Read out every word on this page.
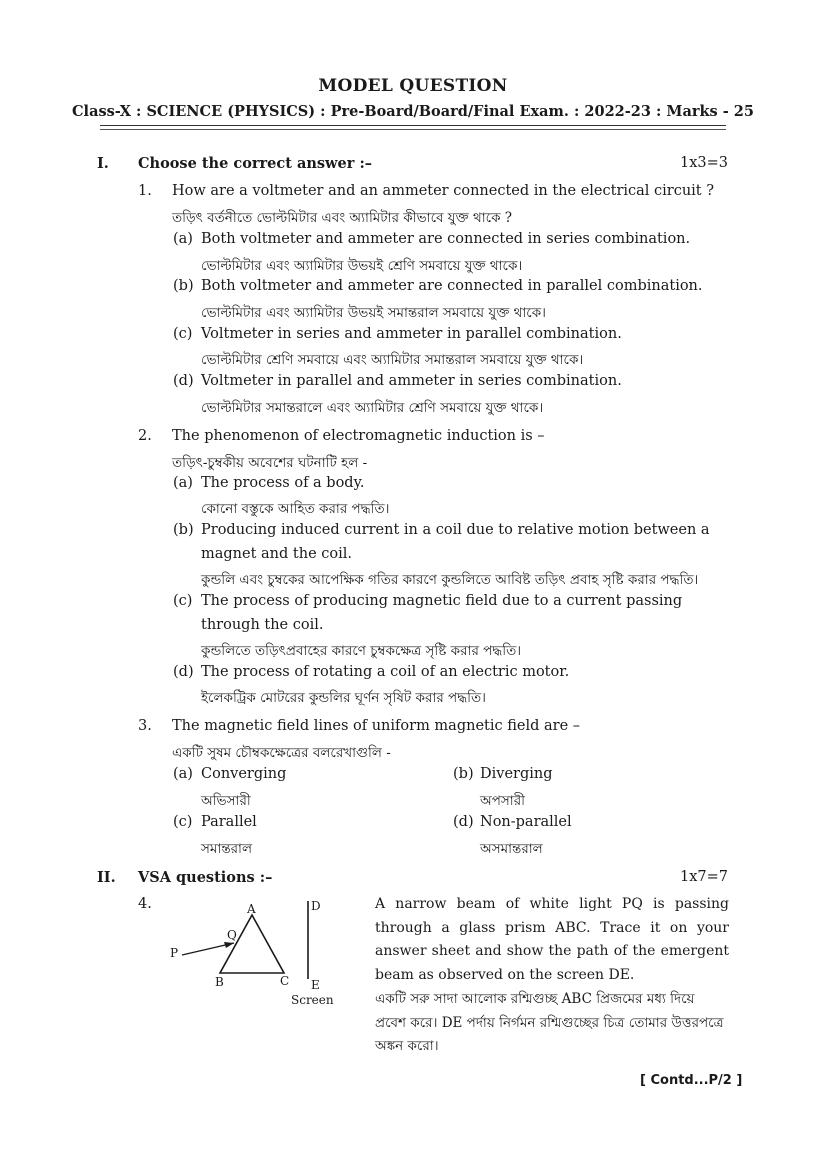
MODEL QUESTION
Class-X : SCIENCE (PHYSICS) : Pre-Board/Board/Final Exam. : 2022-23 : Marks - 25
I. Choose the correct answer :–	1x3=3
1. How are a voltmeter and an ammeter connected in the electrical circuit ?
তড়িৎ বর্তনীতে ভোল্টমিটার এবং অ্যামিটার কীভাবে যুক্ত থাকে ?
(a) Both voltmeter and ammeter are connected in series combination.
ভোল্টমিটার এবং অ্যামিটার উভয়ই শ্রেণি সমবায়ে যুক্ত থাকে।
(b) Both voltmeter and ammeter are connected in parallel combination.
ভোল্টমিটার এবং অ্যামিটার উভয়ই সমান্তরাল সমবায়ে যুক্ত থাকে।
(c) Voltmeter in series and ammeter in parallel combination.
ভোল্টমিটার শ্রেণি সমবায়ে এবং অ্যামিটার সমান্তরাল সমবায়ে যুক্ত থাকে।
(d) Voltmeter in parallel and ammeter in series combination.
ভোল্টমিটার সমান্তরালে এবং অ্যামিটার শ্রেণি সমবায়ে যুক্ত থাকে।
2. The phenomenon of electromagnetic induction is –
তড়িৎ-চুম্বকীয় অবেশের ঘটনাটি হল -
(a) The process of a body.
কোনো বস্তুকে আহিত করার পদ্ধতি।
(b) Producing induced current in a coil due to relative motion between a magnet and the coil.
কুন্ডলি এবং চুম্বকের আপেক্ষিক গতির কারণে কুন্ডলিতে আবিষ্ট তড়িৎ প্রবাহ সৃষ্টি করার পদ্ধতি।
(c) The process of producing magnetic field due to a current passing through the coil.
কুন্ডলিতে তড়িৎপ্রবাহের কারণে চুম্বকক্ষেত্র সৃষ্টি করার পদ্ধতি।
(d) The process of rotating a coil of an electric motor.
ইলেকট্রিক মোটরের কুন্ডলির ঘূর্ণন সৃষিট করার পদ্ধতি।
3. The magnetic field lines of uniform magnetic field are –
একটি সুষম চৌম্বকক্ষেত্রের বলরেখাগুলি -
(a) Converging
অভিসারী
(b) Diverging
অপসারী
(c) Parallel
সমান্তরাল
(d) Non-parallel
অসমান্তরাল
II. VSA questions :–	1x7=7
4.	A
B	C
P
Q
D
E
Screen
A narrow beam of white light PQ is passing through a glass prism ABC. Trace it on your answer sheet and show the path of the emergent beam as observed on the screen DE.
একটি সরু সাদা আলোক রশ্মিগুচ্ছ ABC প্রিজমের মধ্য দিয়ে প্রবেশ করে। DE পর্দায় নির্গমন রশ্মিগুচ্ছের চিত্র তোমার উত্তরপত্রে অঙ্কন করো।
[ Contd...P/2 ]
